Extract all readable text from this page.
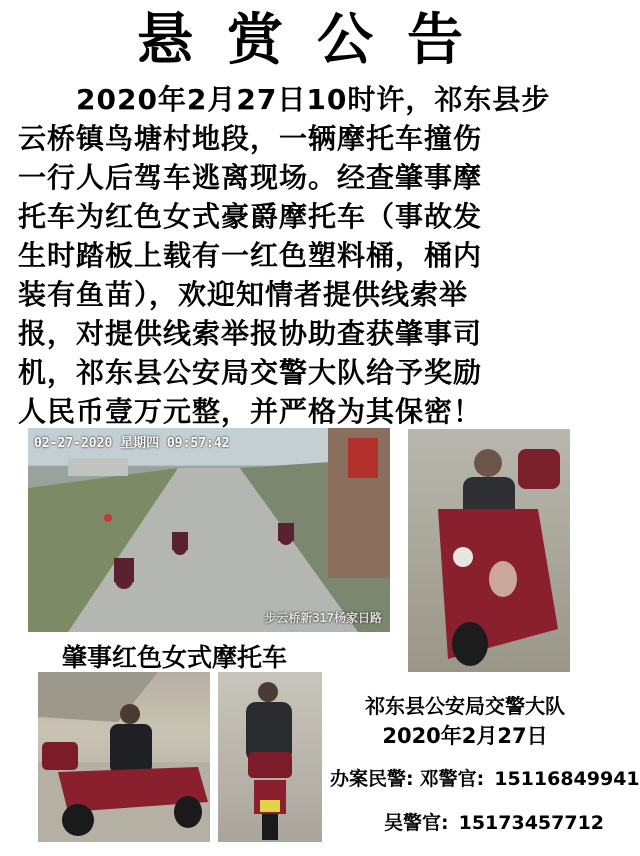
悬赏公告
　　2020年2月27日10时许，祁东县步
云桥镇鸟塘村地段，一辆摩托车撞伤
一行人后驾车逃离现场。经查肇事摩
托车为红色女式豪爵摩托车（事故发
生时踏板上载有一红色塑料桶，桶内
装有鱼苗），欢迎知情者提供线索举
报，对提供线索举报协助查获肇事司
机，祁东县公安局交警大队给予奖励
人民币壹万元整，并严格为其保密！
02-27-2020 星期四 09:57:42
步云桥新317杨家日路
肇事红色女式摩托车
祁东县公安局交警大队
2020年2月27日
办案民警: 邓警官: 15116849941
吴警官: 15173457712
